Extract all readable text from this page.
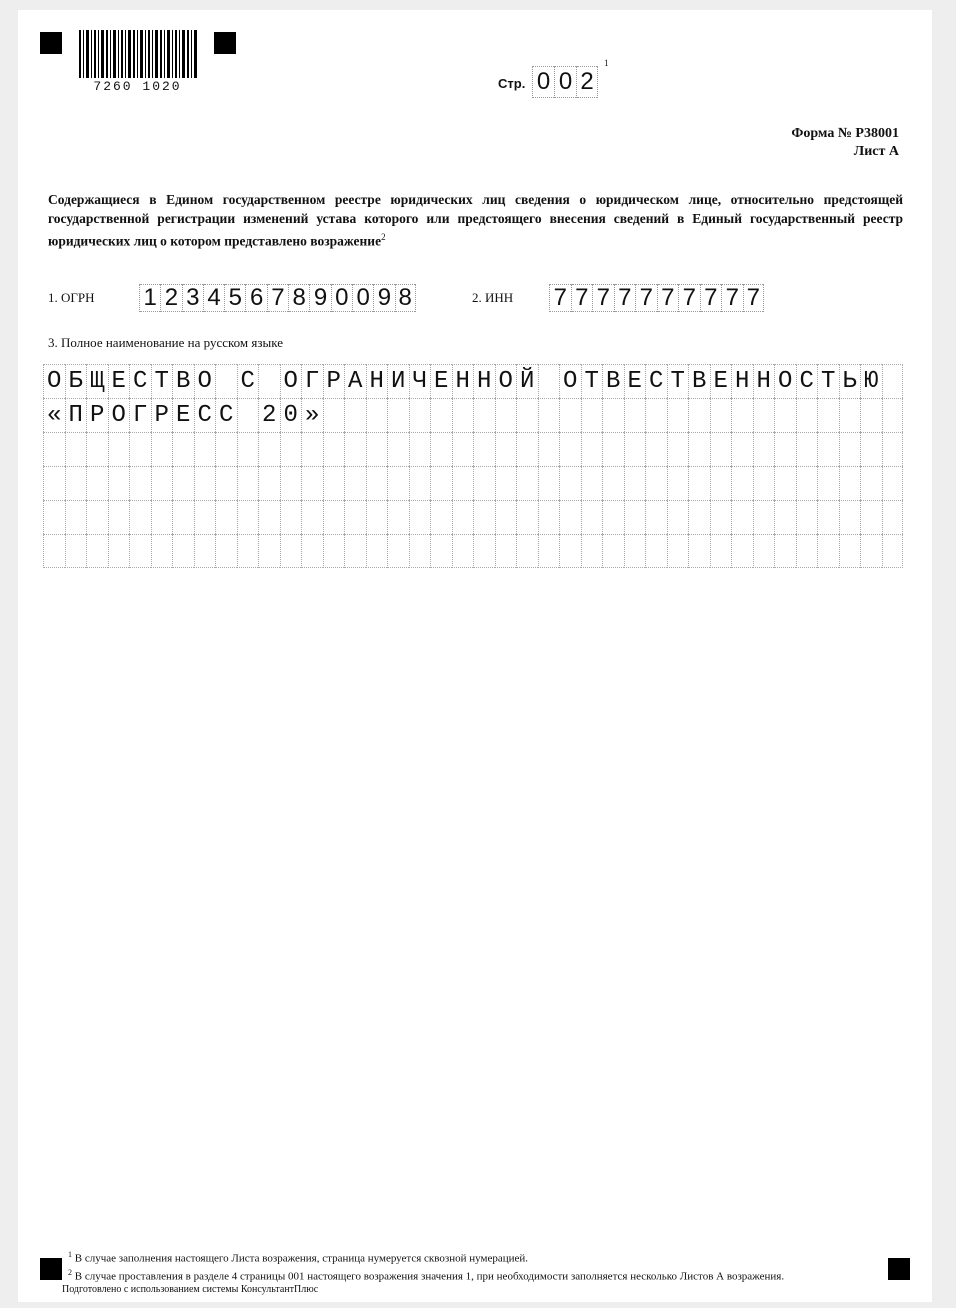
7260 1020	Стр. 0 0 2
1
Форма № Р38001
Лист А
Содержащиеся в Едином государственном реестре юридических лиц сведения о юридическом лице, относительно предстоящей государственной регистрации изменений устава которого или предстоящего внесения сведений в Единый государственный реестр юридических лиц о котором представлено возражение$^2$
1. ОГРН 1 2 3 4 5 6 7 8 9 0 0 9 8	2. ИНН 7 7 7 7 7 7 7 7 7 7
3. Полное наименование на русском языке
О Б Щ Е С Т В О С О Г Р А Н И Ч Е Н Н О Й О Т В Е С Т В Е Н Н О С Т Ь Ю
« П Р О Г Р Е С С 2 0 »
$^1$ В случае заполнения настоящего Листа возражения, страница нумеруется сквозной нумерацией.
$^2$ В случае проставления в разделе 4 страницы 001 настоящего возражения значения 1, при необходимости заполняется несколько Листов А возражения.
Подготовлено с использованием системы КонсультантПлюс
